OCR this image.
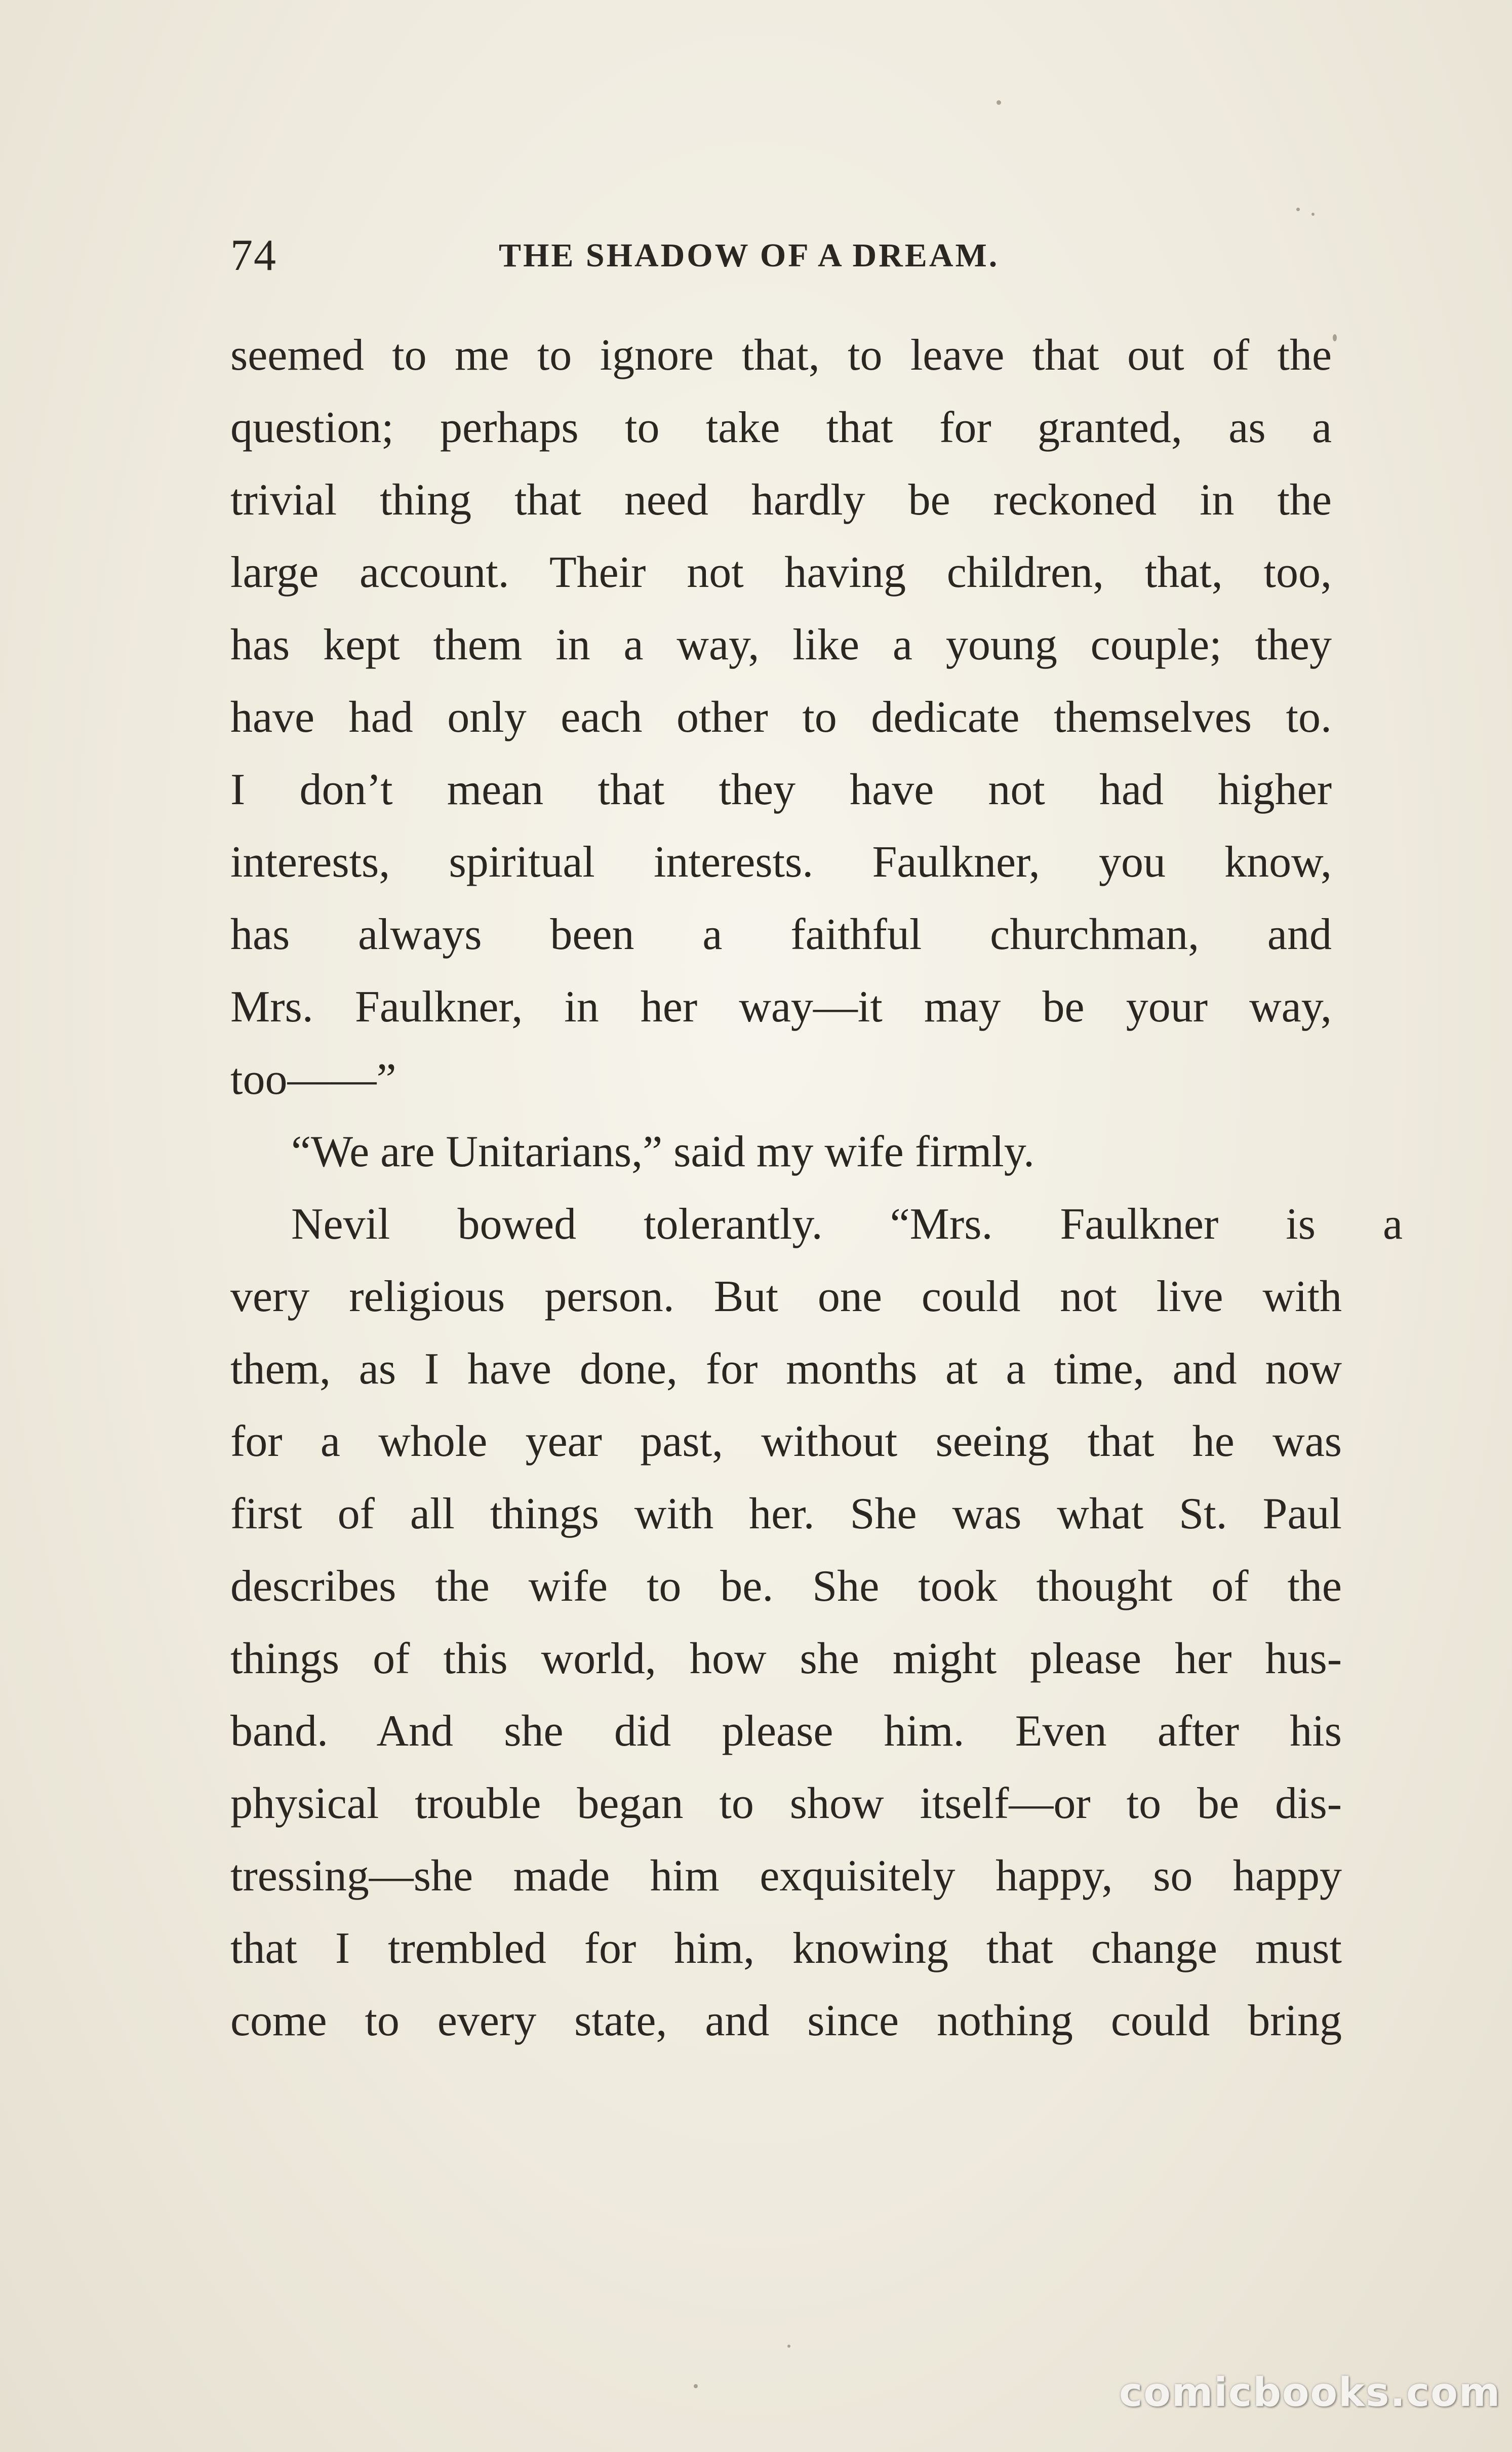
74	THE SHADOW OF A DREAM.
seemed to me to ignore that, to leave that out of the
question; perhaps to take that for granted, as a
trivial thing that need hardly be reckoned in the
large account. Their not having children, that, too,
has kept them in a way, like a young couple; they
have had only each other to dedicate themselves to.
I don’t mean that they have not had higher
interests, spiritual interests. Faulkner, you know,
has always been a faithful churchman, and
Mrs. Faulkner, in her way—it may be your way,
too——”
“We are Unitarians,” said my wife firmly.
Nevil bowed tolerantly. “Mrs. Faulkner is a
very religious person. But one could not live with
them, as I have done, for months at a time, and now
for a whole year past, without seeing that he was
first of all things with her. She was what St. Paul
describes the wife to be. She took thought of the
things of this world, how she might please her hus-
band. And she did please him. Even after his
physical trouble began to show itself—or to be dis-
tressing—she made him exquisitely happy, so happy
that I trembled for him, knowing that change must
come to every state, and since nothing could bring
comicbooks.com
